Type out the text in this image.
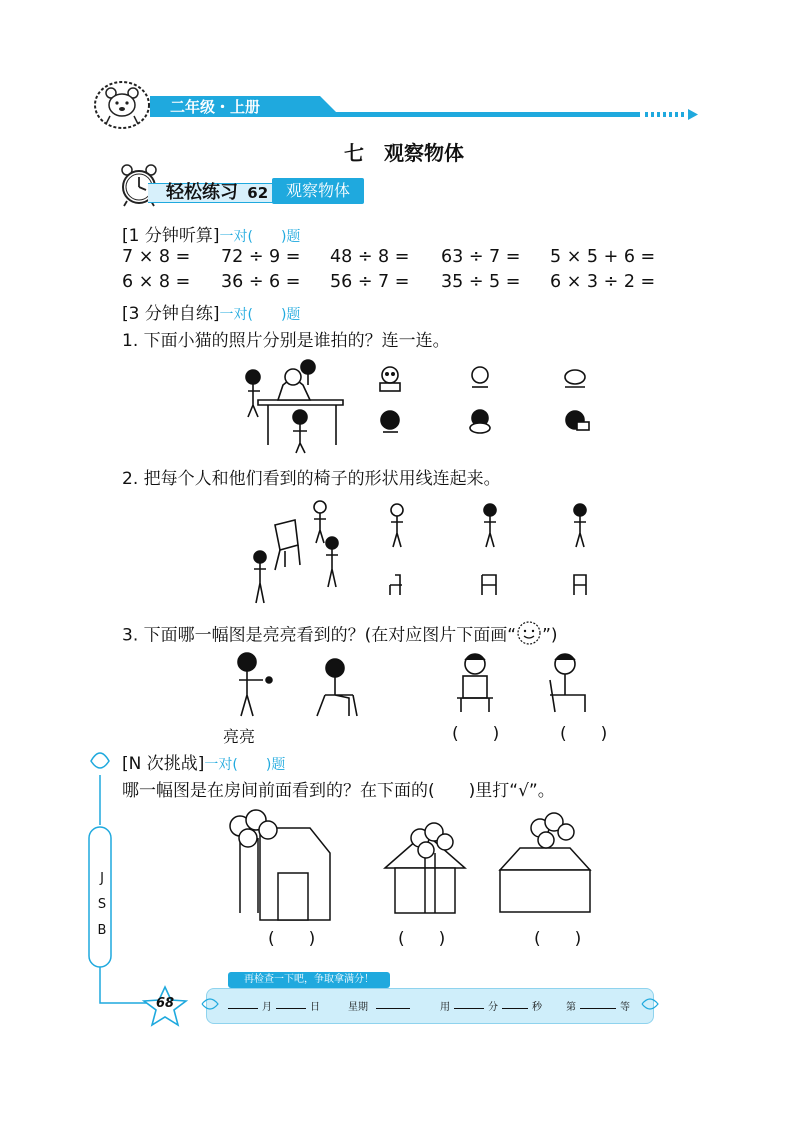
二年级・上册
七　观察物体
轻松练习 62	观察物体
[1 分钟听算]一对(　　)题
7 × 8 = 72 ÷ 9 = 48 ÷ 8 = 63 ÷ 7 = 5 × 5 + 6 =
6 × 8 = 36 ÷ 6 = 56 ÷ 7 = 35 ÷ 5 = 6 × 3 ÷ 2 =
[3 分钟自练]一对(　　)题
1. 下面小猫的照片分别是谁拍的？连一连。
2. 把每个人和他们看到的椅子的形状用线连起来。
3. 下面哪一幅图是亮亮看到的？(在对应图片下面画“ ”)
亮亮	(　　)	(　　)
J
S
B
[N 次挑战]一对(　　)题
哪一幅图是在房间前面看到的？在下面的(　　)里打“√”。
(　　)	(　　)	(　　)
68
再检查一下吧，争取拿满分！
月	日	星期	用	分	秒 第	等
